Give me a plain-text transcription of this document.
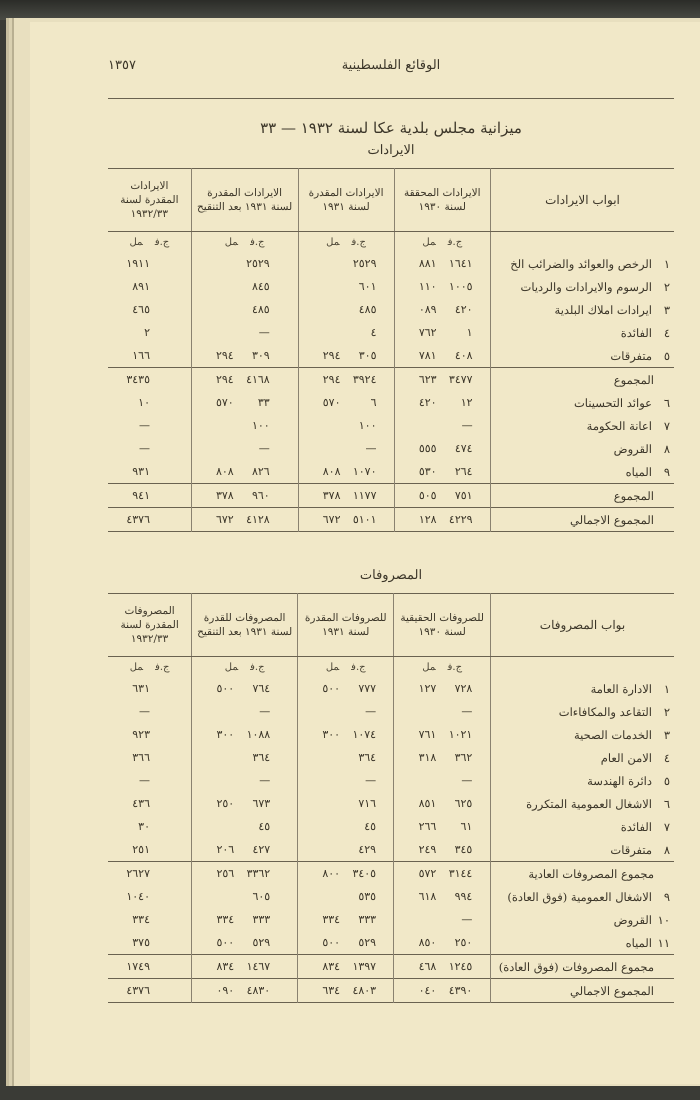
الوقائع الفلسطينية
١٣٥٧
ميزانية مجلس بلدية عكا لسنة ١٩٣٢ — ٣٣
الايرادات
ابواب الايرادات	الايرادات المحققة لسنة ١٩٣٠	الايرادات المقدرة لسنة ١٩٣١	الايرادات المقدرة لسنة ١٩٣١ بعد التنقيح	الايرادات المقدرة لسنة ١٩٣٢/٣٣
	ج.فمل	ج.فمل	ج.فمل	ج.فمل
١الرخص والعوائد والضرائب الخ	٨٨١ ١٦٤١	٢٥٢٩	٢٥٢٩	١٩١١
٢الرسوم والايرادات والرديات	١١٠ ١٠٠٥	٦٠١	٨٤٥	٨٩١
٣ايرادات املاك البلدية	٠٨٩ ٤٢٠	٤٨٥	٤٨٥	٤٦٥
٤الفائدة	٧٦٢ ١	٤	—	٢
٥متفرقات	٧٨١ ٤٠٨	٢٩٤ ٣٠٥	٢٩٤ ٣٠٩	١٦٦
المجموع	٦٢٣ ٣٤٧٧	٢٩٤ ٣٩٢٤	٢٩٤ ٤١٦٨	٣٤٣٥
٦عوائد التحسينات	٤٢٠ ١٢	٥٧٠ ٦	٥٧٠ ٣٣	١٠
٧اعانة الحكومة	—	١٠٠	١٠٠	—
٨القروض	٥٥٥ ٤٧٤	—	—	—
٩المياه	٥٣٠ ٢٦٤	٨٠٨ ١٠٧٠	٨٠٨ ٨٢٦	٩٣١
المجموع	٥٠٥ ٧٥١	٣٧٨ ١١٧٧	٣٧٨ ٩٦٠	٩٤١
المجموع الاجمالي	١٢٨ ٤٢٢٩	٦٧٢ ٥١٠١	٦٧٢ ٤١٢٨	٤٣٧٦
المصروفات
بواب المصروفات	للصروفات الحقيقية لسنة ١٩٣٠	للصروفات المقدرة لسنة ١٩٣١	المصروفات للقدرة لسنة ١٩٣١ بعد التنقيح	المصروفات المقدرة لسنة ١٩٣٢/٣٣
	ج.فمل	ج.فمل	ج.فمل	ج.فمل
١الادارة العامة	١٢٧ ٧٢٨	٥٠٠ ٧٧٧	٥٠٠ ٧٦٤	٦٣١
٢التقاعد والمكافاءات	—	—	—	—
٣الخدمات الصحية	٧٦١ ١٠٢١	٣٠٠ ١٠٧٤	٣٠٠ ١٠٨٨	٩٢٣
٤الامن العام	٣١٨ ٣٦٢	٣٦٤	٣٦٤	٣٦٦
٥دائرة الهندسة	—	—	—	—
٦الاشغال العمومية المتكررة	٨٥١ ٦٢٥	٧١٦	٢٥٠ ٦٧٣	٤٣٦
٧الفائدة	٢٦٦ ٦١	٤٥	٤٥	٣٠
٨متفرقات	٢٤٩ ٣٤٥	٤٢٩	٢٠٦ ٤٢٧	٢٥١
مجموع المصروفات العادية	٥٧٢ ٣١٤٤	٨٠٠ ٣٤٠٥	٢٥٦ ٣٣٦٢	٢٦٢٧
٩الاشغال العمومية (فوق العادة)	٦١٨ ٩٩٤	٥٣٥	٦٠٥	١٠٤٠
١٠القروض	—	٣٣٤ ٣٣٣	٣٣٤ ٣٣٣	٣٣٤
١١المياه	٨٥٠ ٢٥٠	٥٠٠ ٥٢٩	٥٠٠ ٥٢٩	٣٧٥
مجموع المصروفات (فوق العادة)	٤٦٨ ١٢٤٥	٨٣٤ ١٣٩٧	٨٣٤ ١٤٦٧	١٧٤٩
المجموع الاجمالي	٠٤٠ ٤٣٩٠	٦٣٤ ٤٨٠٣	٠٩٠ ٤٨٣٠	٤٣٧٦
